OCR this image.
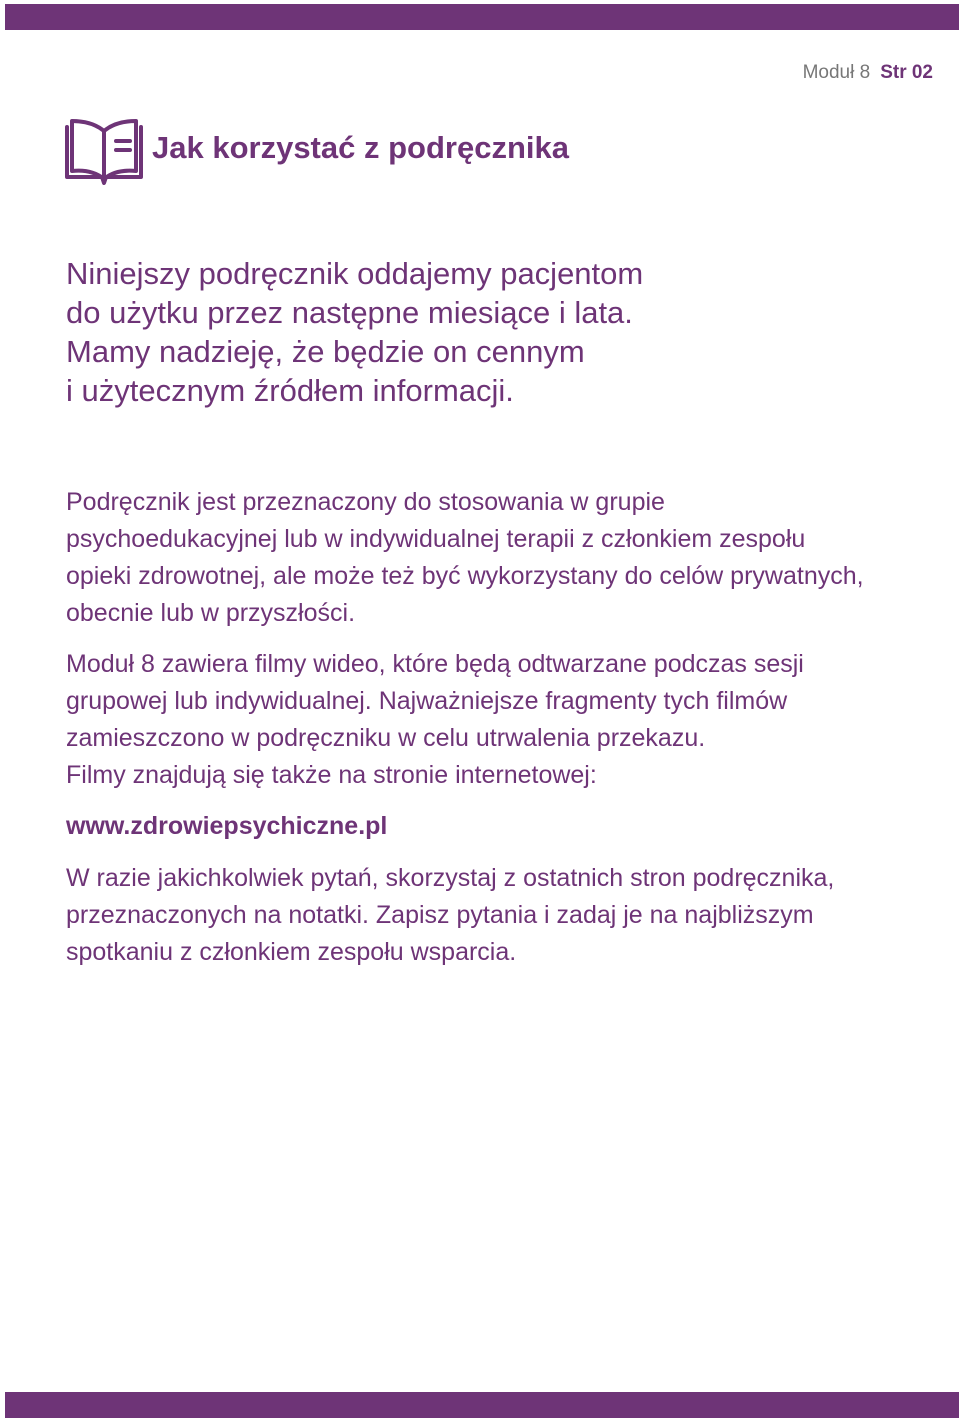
Moduł 8 Str 02
Jak korzystać z podręcznika

Niniejszy podręcznik oddajemy pacjentom
do użytku przez następne miesiące i lata.
Mamy nadzieję, że będzie on cennym
i użytecznym źródłem informacji.

Podręcznik jest przeznaczony do stosowania w grupie
psychoedukacyjnej lub w indywidualnej terapii z członkiem zespołu
opieki zdrowotnej, ale może też być wykorzystany do celów prywatnych,
obecnie lub w przyszłości.

Moduł 8 zawiera filmy wideo, które będą odtwarzane podczas sesji
grupowej lub indywidualnej. Najważniejsze fragmenty tych filmów
zamieszczono w podręczniku w celu utrwalenia przekazu.
Filmy znajdują się także na stronie internetowej:

www.zdrowiepsychiczne.pl

W razie jakichkolwiek pytań, skorzystaj z ostatnich stron podręcznika,
przeznaczonych na notatki. Zapisz pytania i zadaj je na najbliższym
spotkaniu z członkiem zespołu wsparcia.
